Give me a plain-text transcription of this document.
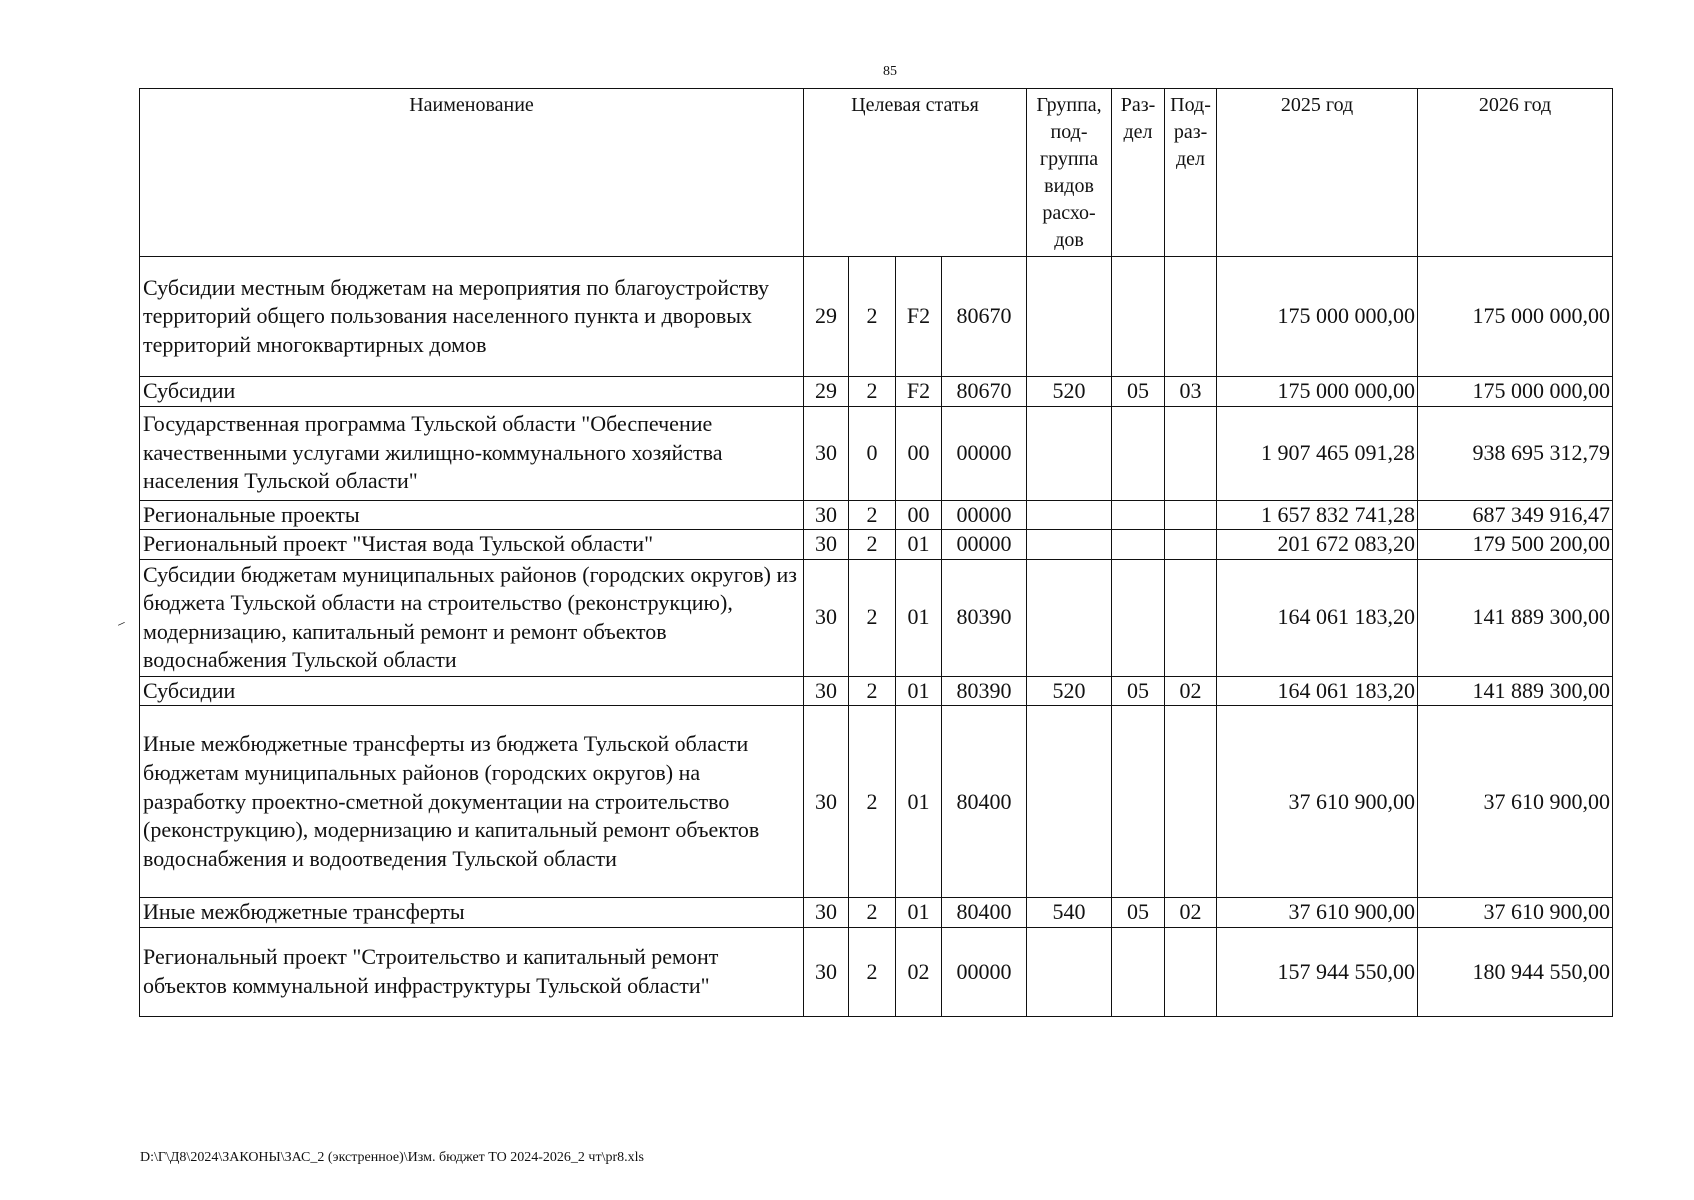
85
Наименование	Целевая статья				Группа, под- группа видов расхо- дов	Раз- дел	Под- раз- дел	2025 год	2026 год
Субсидии местным бюджетам на мероприятия по благоустройству территорий общего пользования населенного пункта и дворовых территорий многоквартирных домов	29	2	F2	80670				175 000 000,00	175 000 000,00
Субсидии	29	2	F2	80670	520	05	03	175 000 000,00	175 000 000,00
Государственная программа Тульской области "Обеспечение качественными услугами жилищно-коммунального хозяйства населения Тульской области"	30	0	00	00000				1 907 465 091,28	938 695 312,79
Региональные проекты	30	2	00	00000				1 657 832 741,28	687 349 916,47
Региональный проект "Чистая вода Тульской области"	30	2	01	00000				201 672 083,20	179 500 200,00
Субсидии бюджетам муниципальных районов (городских округов) из бюджета Тульской области на строительство (реконструкцию), модернизацию, капитальный ремонт и ремонт объектов водоснабжения Тульской области	30	2	01	80390				164 061 183,20	141 889 300,00
Субсидии	30	2	01	80390	520	05	02	164 061 183,20	141 889 300,00
Иные межбюджетные трансферты из бюджета Тульской области бюджетам муниципальных районов (городских округов) на разработку проектно-сметной документации на строительство (реконструкцию), модернизацию и капитальный ремонт объектов водоснабжения и водоотведения Тульской области	30	2	01	80400				37 610 900,00	37 610 900,00
Иные межбюджетные трансферты	30	2	01	80400	540	05	02	37 610 900,00	37 610 900,00
Региональный проект "Строительство и капитальный ремонт объектов коммунальной инфраструктуры Тульской области"	30	2	02	00000				157 944 550,00	180 944 550,00
–
D:\Г\Д8\2024\ЗАКОНЫ\ЗАС_2 (экстренное)\Изм. бюджет ТО 2024-2026_2 чт\pr8.xls
